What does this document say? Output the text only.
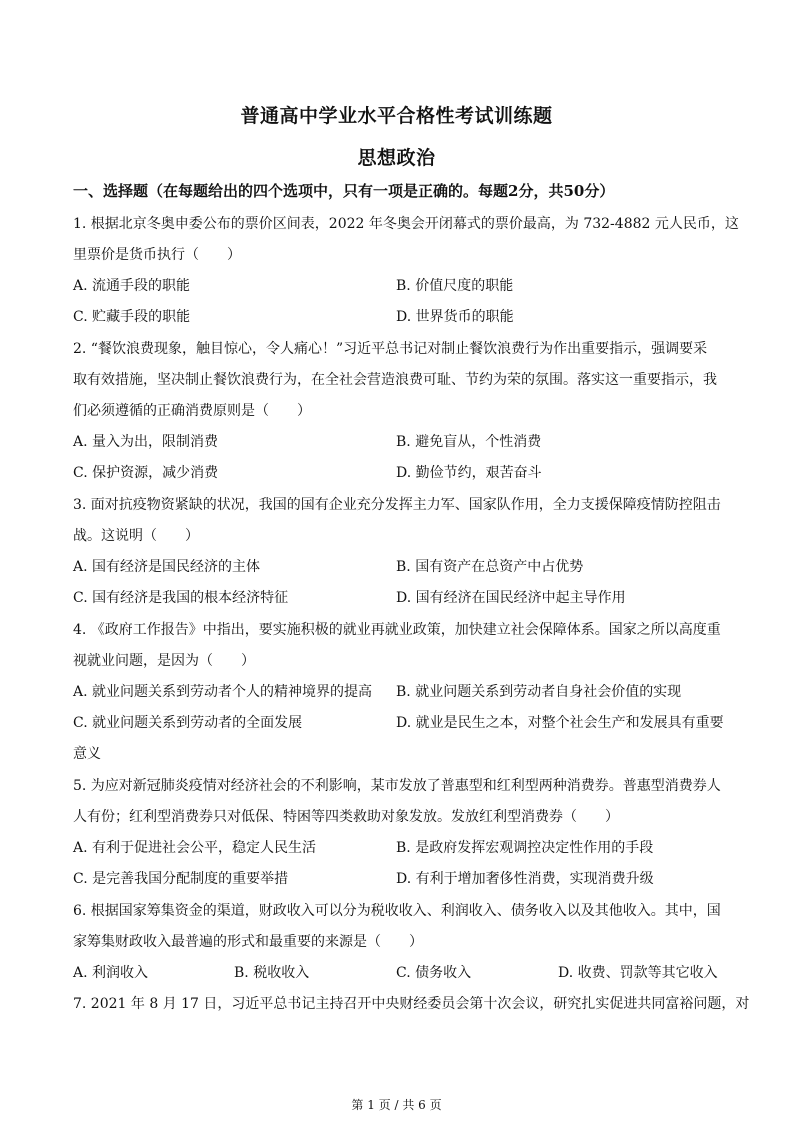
普通高中学业水平合格性考试训练题
思想政治
一、选择题（在每题给出的四个选项中，只有一项是正确的。每题2分，共50分）
1. 根据北京冬奥申委公布的票价区间表，2022 年冬奥会开闭幕式的票价最高，为 732-4882 元人民币，这
里票价是货币执行（　　）
A. 流通手段的职能	B. 价值尺度的职能
C. 贮藏手段的职能	D. 世界货币的职能
2. “餐饮浪费现象，触目惊心，令人痛心！”习近平总书记对制止餐饮浪费行为作出重要指示，强调要采
取有效措施，坚决制止餐饮浪费行为，在全社会营造浪费可耻、节约为荣的氛围。落实这一重要指示，我
们必须遵循的正确消费原则是（　　）
A. 量入为出，限制消费	B. 避免盲从，个性消费
C. 保护资源，减少消费	D. 勤俭节约，艰苦奋斗
3. 面对抗疫物资紧缺的状况，我国的国有企业充分发挥主力军、国家队作用，全力支援保障疫情防控阻击
战。这说明（　　）
A. 国有经济是国民经济的主体	B. 国有资产在总资产中占优势
C. 国有经济是我国的根本经济特征	D. 国有经济在国民经济中起主导作用
4. 《政府工作报告》中指出，要实施积极的就业再就业政策，加快建立社会保障体系。国家之所以高度重
视就业问题，是因为（　　）
A. 就业问题关系到劳动者个人的精神境界的提高 B. 就业问题关系到劳动者自身社会价值的实现
C. 就业问题关系到劳动者的全面发展	D. 就业是民生之本，对整个社会生产和发展具有重要
意义
5. 为应对新冠肺炎疫情对经济社会的不利影响，某市发放了普惠型和红利型两种消费券。普惠型消费券人
人有份；红利型消费券只对低保、特困等四类救助对象发放。发放红利型消费券（　　）
A. 有利于促进社会公平，稳定人民生活	B. 是政府发挥宏观调控决定性作用的手段
C. 是完善我国分配制度的重要举措	D. 有利于增加奢侈性消费，实现消费升级
6. 根据国家筹集资金的渠道，财政收入可以分为税收收入、利润收入、债务收入以及其他收入。其中，国
家筹集财政收入最普遍的形式和最重要的来源是（　　）
A. 利润收入	B. 税收收入	C. 债务收入	D. 收费、罚款等其它收入
7. 2021 年 8 月 17 日，习近平总书记主持召开中央财经委员会第十次会议，研究扎实促进共同富裕问题，对
第 1 页 / 共 6 页
